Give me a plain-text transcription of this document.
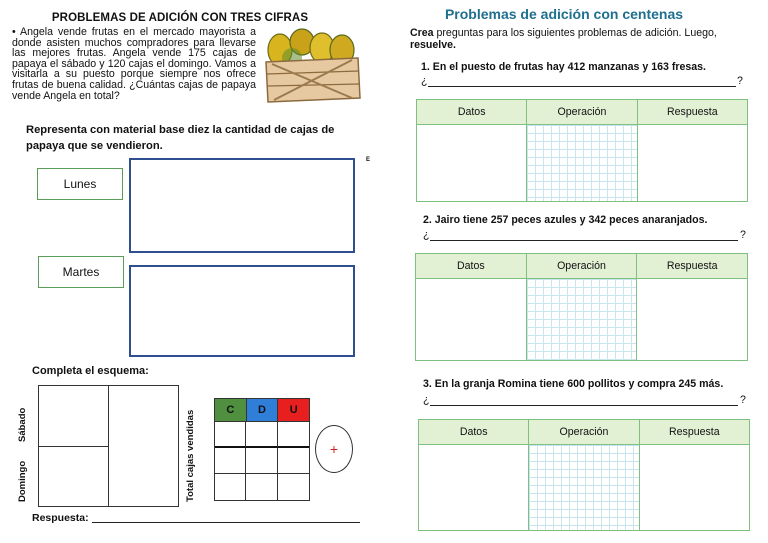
PROBLEMAS DE ADICIÓN CON TRES CIFRAS
• Angela vende frutas en el mercado mayorista a donde asisten muchos compradores para llevarse las mejores frutas. Angela vende 175 cajas de papaya el sábado y 120 cajas el domingo. Vamos a visitarla a su puesto porque siempre nos ofrece frutas de buena calidad. ¿Cuántas cajas de papaya vende Angela en total?
Representa con material base diez la cantidad de cajas de papaya que se vendieron.
Lunes
Martes
E
Completa el esquema:
Sábado
Domingo	Total cajas vendidas	C	D	U
+
Respuesta:
Problemas de adición con centenas
Crea preguntas para los siguientes problemas de adición. Luego,
resuelve.
1. En el puesto de frutas hay 412 manzanas y 163 fresas.
¿	?
Datos	Operación	Respuesta
2. Jairo tiene 257 peces azules y 342 peces anaranjados.
¿	?
Datos	Operación	Respuesta
3. En la granja Romina tiene 600 pollitos y compra 245 más.
¿	?
Datos	Operación	Respuesta
